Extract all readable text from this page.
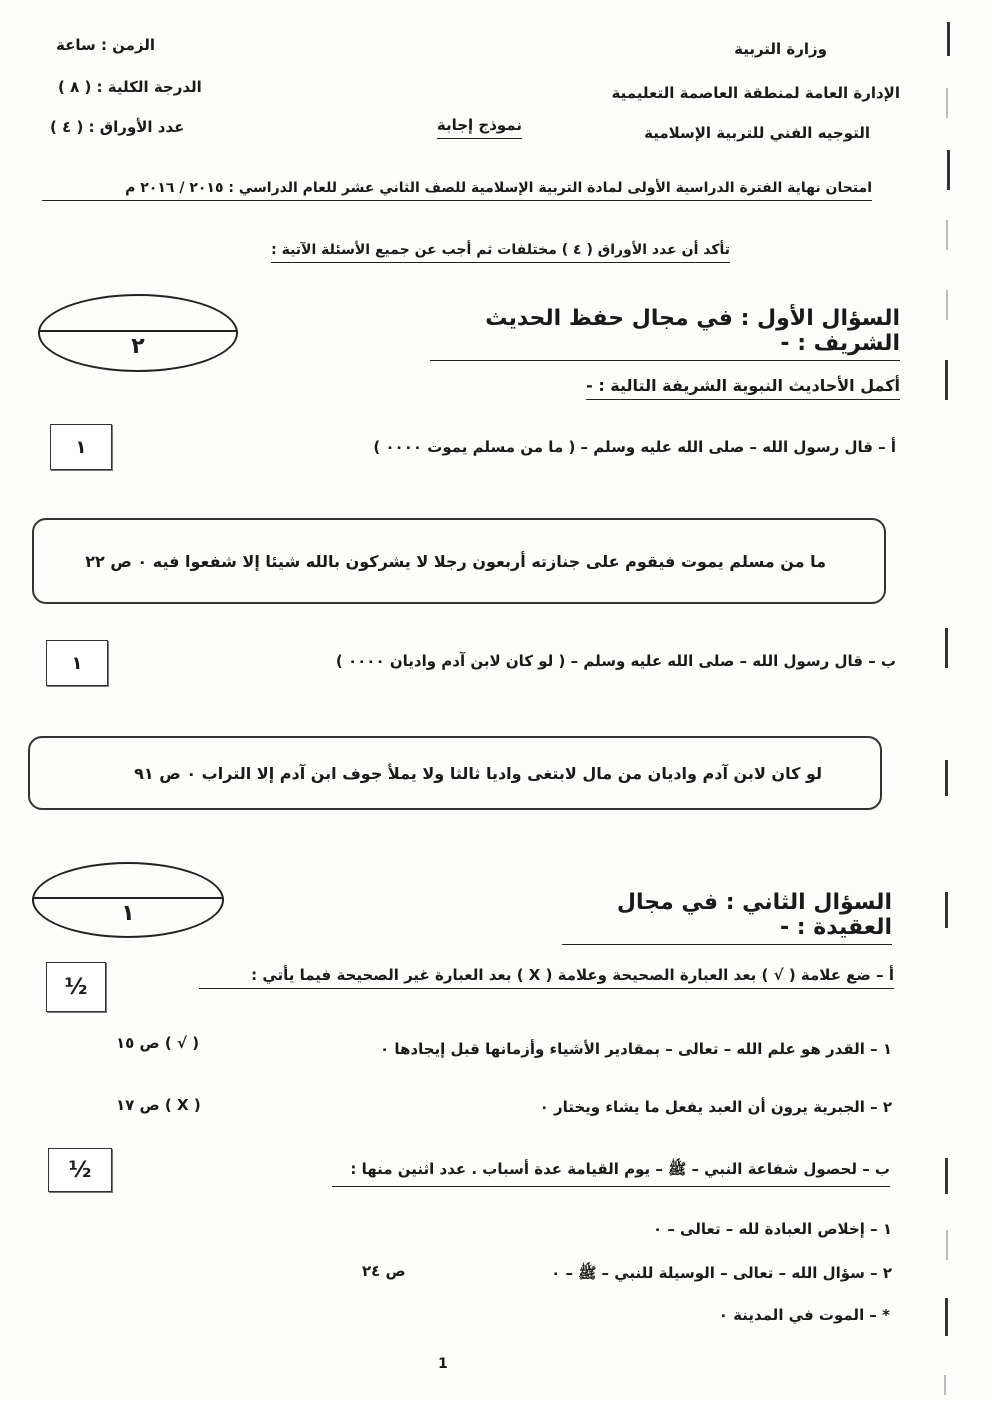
وزارة التربية
الإدارة العامة لمنطقة العاصمة التعليمية
التوجيه الفني للتربية الإسلامية
نموذج إجابة
الزمن : ساعة
الدرجة الكلية : ( ٨ )
عدد الأوراق : ( ٤ )
امتحان نهاية الفترة الدراسية الأولى لمادة التربية الإسلامية للصف الثاني عشر للعام الدراسي : ٢٠١٥ / ٢٠١٦ م
تأكد أن عدد الأوراق ( ٤ ) مختلفات ثم أجب عن جميع الأسئلة الآتية :
٢
السؤال الأول : في مجال حفظ الحديث الشريف : -
أكمل الأحاديث النبوية الشريفة التالية : -
١	أ – قال رسول الله – صلى الله عليه وسلم – ( ما من مسلم يموت ٠٠٠٠ )
ما من مسلم يموت فيقوم على جنازته أربعون رجلا لا يشركون بالله شيئا إلا شفعوا فيه ٠ ص ٢٢
١	ب – قال رسول الله – صلى الله عليه وسلم – ( لو كان لابن آدم واديان ٠٠٠٠ )
لو كان لابن آدم واديان من مال لابتغى واديا ثالثا ولا يملأ جوف ابن آدم إلا التراب ٠ ص ٩١
١	السؤال الثاني : في مجال العقيدة : -
½	أ – ضع علامة ( √ ) بعد العبارة الصحيحة وعلامة ( X ) بعد العبارة غير الصحيحة فيما يأتي :
١ – القدر هو علم الله – تعالى – بمقادير الأشياء وأزمانها قبل إيجادها ٠
( √ ) ص ١٥
٢ – الجبرية يرون أن العبد يفعل ما يشاء ويختار ٠
( X ) ص ١٧
½	ب – لحصول شفاعة النبي – ﷺ – يوم القيامة عدة أسباب . عدد اثنين منها :
١ – إخلاص العبادة لله – تعالى – ٠
٢ – سؤال الله – تعالى – الوسيلة للنبي – ﷺ – ٠
ص ٢٤
* – الموت في المدينة ٠
1
